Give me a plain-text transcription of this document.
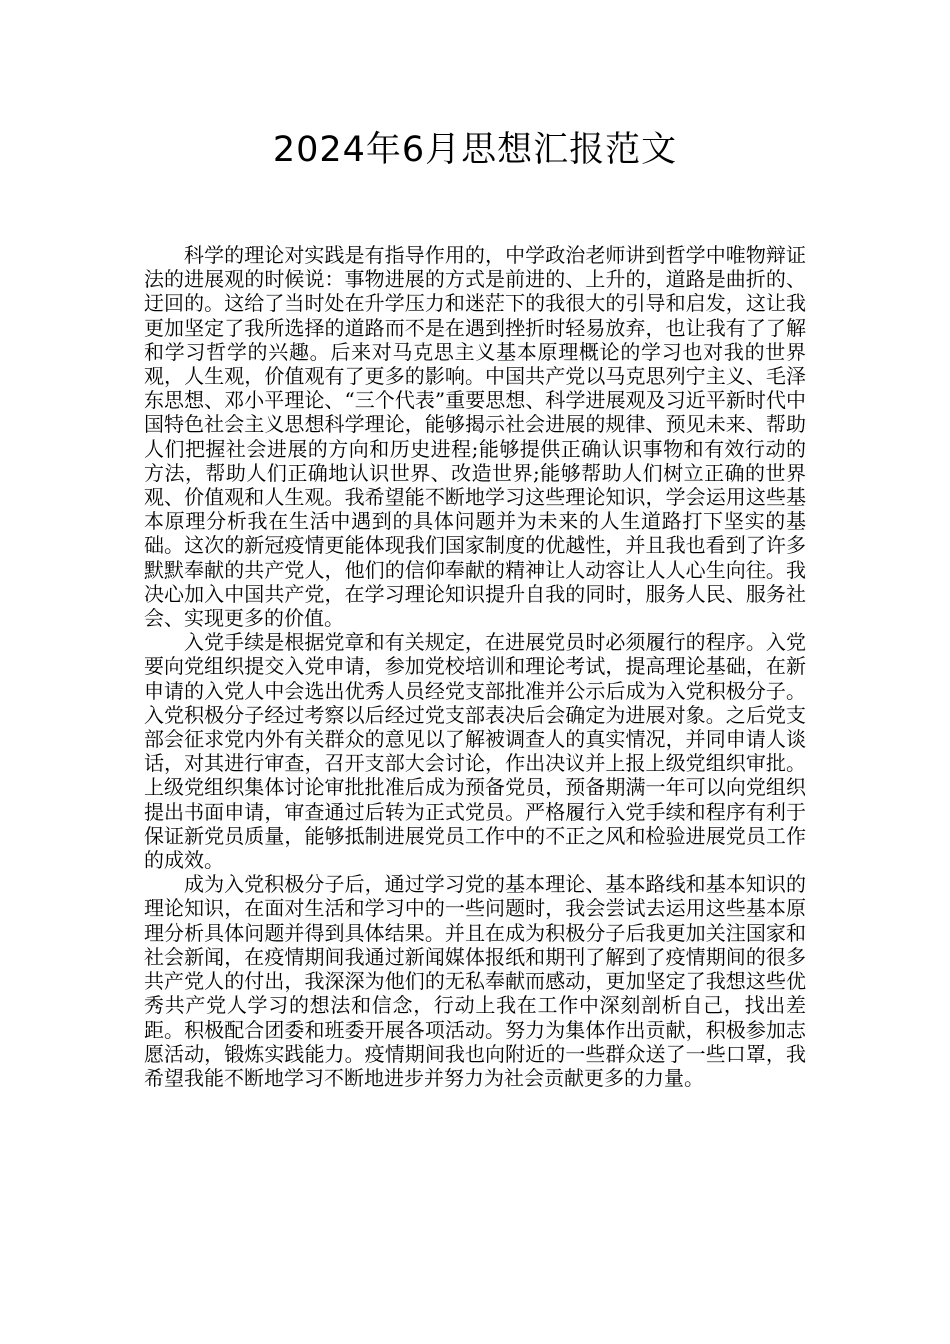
2024年6月思想汇报范文

科学的理论对实践是有指导作用的，中学政治老师讲到哲学中唯物辩证法的进展观的时候说：事物进展的方式是前进的、上升的，道路是曲折的、迂回的。这给了当时处在升学压力和迷茫下的我很大的引导和启发，这让我更加坚定了我所选择的道路而不是在遇到挫折时轻易放弃，也让我有了了解和学习哲学的兴趣。后来对马克思主义基本原理概论的学习也对我的世界观，人生观，价值观有了更多的影响。中国共产党以马克思列宁主义、毛泽东思想、邓小平理论、“三个代表”重要思想、科学进展观及习近平新时代中国特色社会主义思想科学理论，能够揭示社会进展的规律、预见未来、帮助人们把握社会进展的方向和历史进程;能够提供正确认识事物和有效行动的方法，帮助人们正确地认识世界、改造世界;能够帮助人们树立正确的世界观、价值观和人生观。我希望能不断地学习这些理论知识，学会运用这些基本原理分析我在生活中遇到的具体问题并为未来的人生道路打下坚实的基础。这次的新冠疫情更能体现我们国家制度的优越性，并且我也看到了许多默默奉献的共产党人，他们的信仰奉献的精神让人动容让人人心生向往。我决心加入中国共产党，在学习理论知识提升自我的同时，服务人民、服务社会、实现更多的价值。

入党手续是根据党章和有关规定，在进展党员时必须履行的程序。入党要向党组织提交入党申请，参加党校培训和理论考试，提高理论基础，在新申请的入党人中会选出优秀人员经党支部批准并公示后成为入党积极分子。入党积极分子经过考察以后经过党支部表决后会确定为进展对象。之后党支部会征求党内外有关群众的意见以了解被调查人的真实情况，并同申请人谈话，对其进行审查，召开支部大会讨论，作出决议并上报上级党组织审批。上级党组织集体讨论审批批准后成为预备党员，预备期满一年可以向党组织提出书面申请，审查通过后转为正式党员。严格履行入党手续和程序有利于保证新党员质量，能够抵制进展党员工作中的不正之风和检验进展党员工作的成效。

成为入党积极分子后，通过学习党的基本理论、基本路线和基本知识的理论知识，在面对生活和学习中的一些问题时，我会尝试去运用这些基本原理分析具体问题并得到具体结果。并且在成为积极分子后我更加关注国家和社会新闻，在疫情期间我通过新闻媒体报纸和期刊了解到了疫情期间的很多共产党人的付出，我深深为他们的无私奉献而感动，更加坚定了我想这些优秀共产党人学习的想法和信念，行动上我在工作中深刻剖析自己，找出差距。积极配合团委和班委开展各项活动。努力为集体作出贡献，积极参加志愿活动，锻炼实践能力。疫情期间我也向附近的一些群众送了一些口罩，我希望我能不断地学习不断地进步并努力为社会贡献更多的力量。
